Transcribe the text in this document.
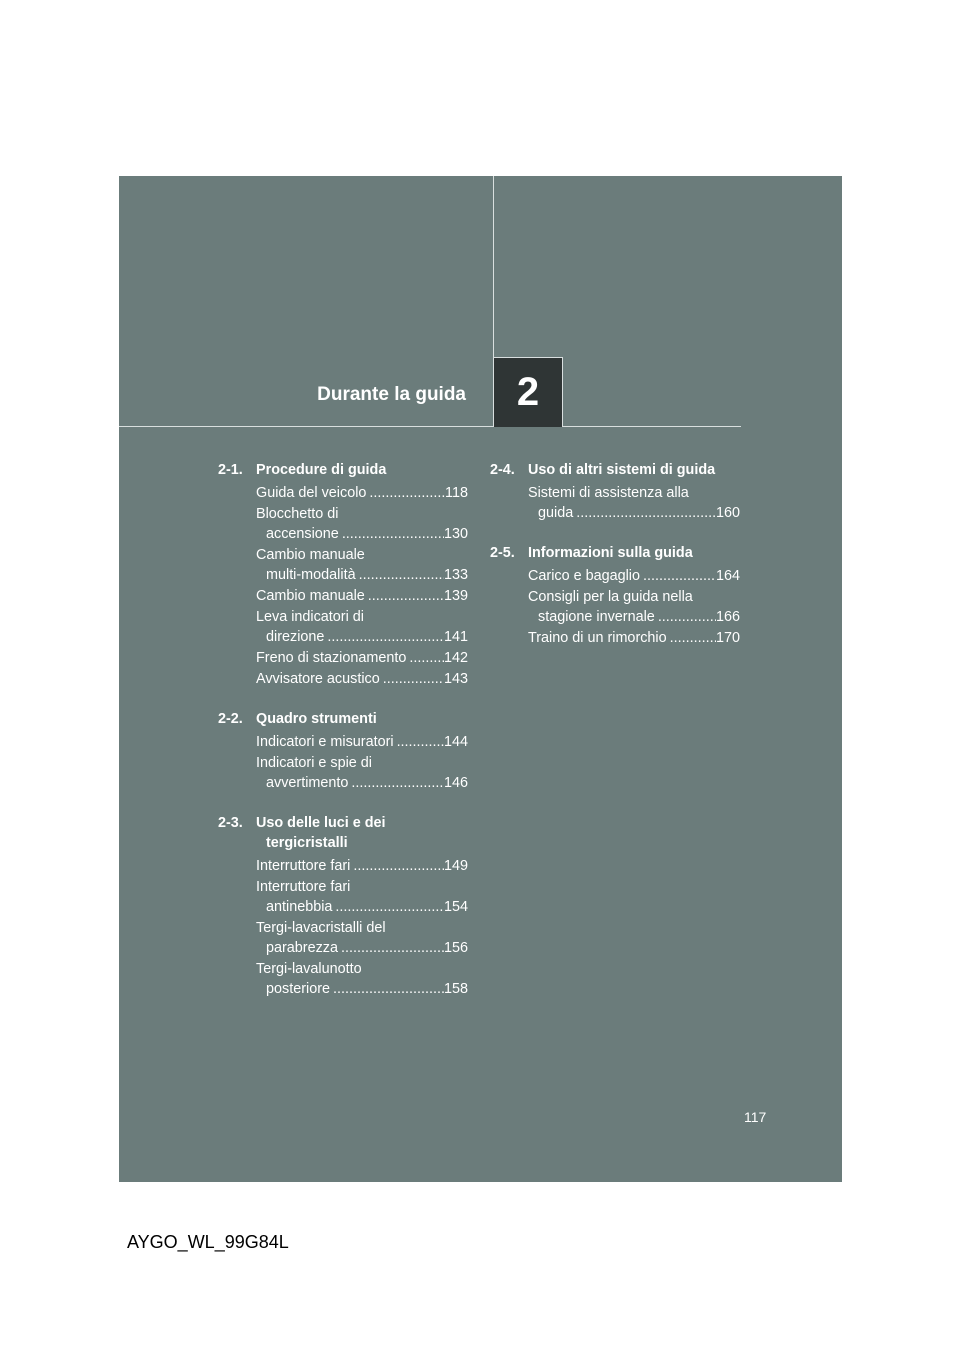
Durante la guida 2
2-1. Procedure di guida
Guida del veicolo .....	118
Blocchetto di
accensione .....	130
Cambio manuale
multi-modalità .....	133
Cambio manuale .....	139
Leva indicatori di
direzione .....	141
Freno di stazionamento .....	142
Avvisatore acustico .....	143
2-2. Quadro strumenti
Indicatori e misuratori .....	144
Indicatori e spie di
avvertimento .....	146
2-3. Uso delle luci e dei
tergicristalli
Interruttore fari .....	149
Interruttore fari
antinebbia .....	154
Tergi-lavacristalli del
parabrezza .....	156
Tergi-lavalunotto
posteriore .....	158
2-4. Uso di altri sistemi di guida
Sistemi di assistenza alla
guida .....	160
2-5. Informazioni sulla guida
Carico e bagaglio .....	164
Consigli per la guida nella
stagione invernale .....	166
Traino di un rimorchio .....	170
117
AYGO_WL_99G84L
